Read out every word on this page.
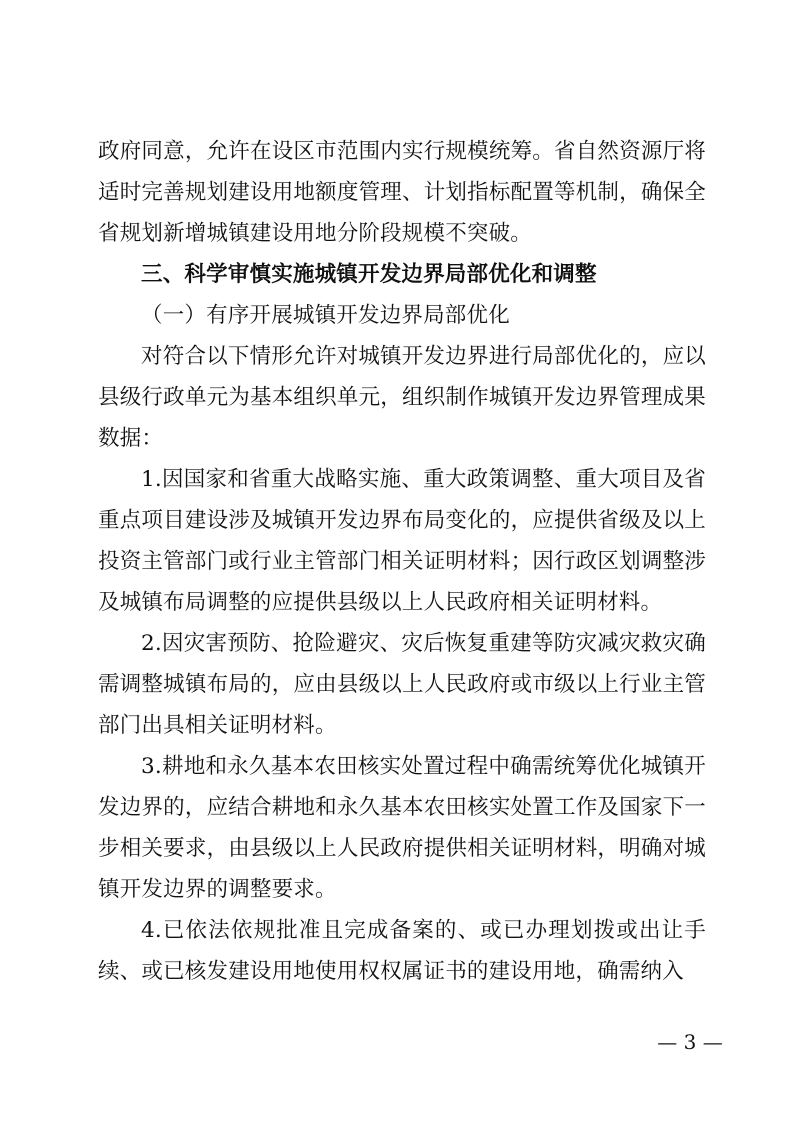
政府同意，允许在设区市范围内实行规模统筹。省自然资源厅将适时完善规划建设用地额度管理、计划指标配置等机制，确保全省规划新增城镇建设用地分阶段规模不突破。

三、科学审慎实施城镇开发边界局部优化和调整

（一）有序开展城镇开发边界局部优化

对符合以下情形允许对城镇开发边界进行局部优化的，应以县级行政单元为基本组织单元，组织制作城镇开发边界管理成果数据：

1.因国家和省重大战略实施、重大政策调整、重大项目及省重点项目建设涉及城镇开发边界布局变化的，应提供省级及以上投资主管部门或行业主管部门相关证明材料；因行政区划调整涉及城镇布局调整的应提供县级以上人民政府相关证明材料。

2.因灾害预防、抢险避灾、灾后恢复重建等防灾减灾救灾确需调整城镇布局的，应由县级以上人民政府或市级以上行业主管部门出具相关证明材料。

3.耕地和永久基本农田核实处置过程中确需统筹优化城镇开发边界的，应结合耕地和永久基本农田核实处置工作及国家下一步相关要求，由县级以上人民政府提供相关证明材料，明确对城镇开发边界的调整要求。

4.已依法依规批准且完成备案的、或已办理划拨或出让手续、或已核发建设用地使用权权属证书的建设用地，确需纳入

— 3 —
